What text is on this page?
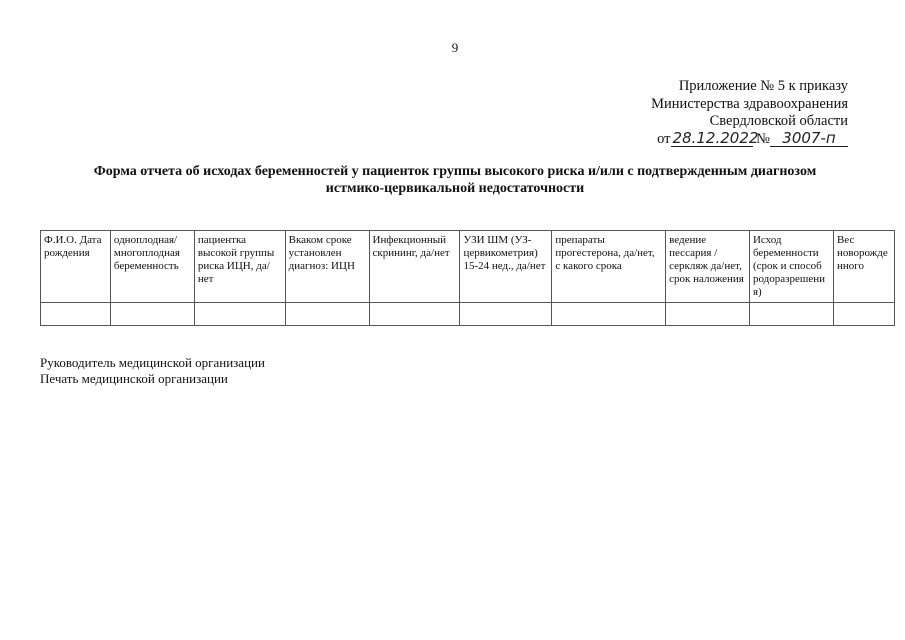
9
Приложение № 5 к приказу
Министерства здравоохранения
Свердловской области
от 28.12.2022 № 3007-п
Форма отчета об исходах беременностей у пациенток группы высокого риска и/или с подтвержденным диагнозом
истмико-цервикальной недостаточности
Ф.И.О. Дата рождения	одноплодная/ многоплодная беременность	пациентка высокой группы риска ИЦН, да/нет	Вкаком сроке установлен диагноз: ИЦН	Инфекционный скрининг, да/нет	УЗИ ШМ (УЗ-цервикометрия) 15-24 нед., да/нет	препараты прогестерона, да/нет, с какого срока	ведение пессария /серкляж да/нет, срок наложения	Исход беременности (срок и способ родоразрешени я)	Вес новорожде нного

Руководитель медицинской организации
Печать медицинской организации
